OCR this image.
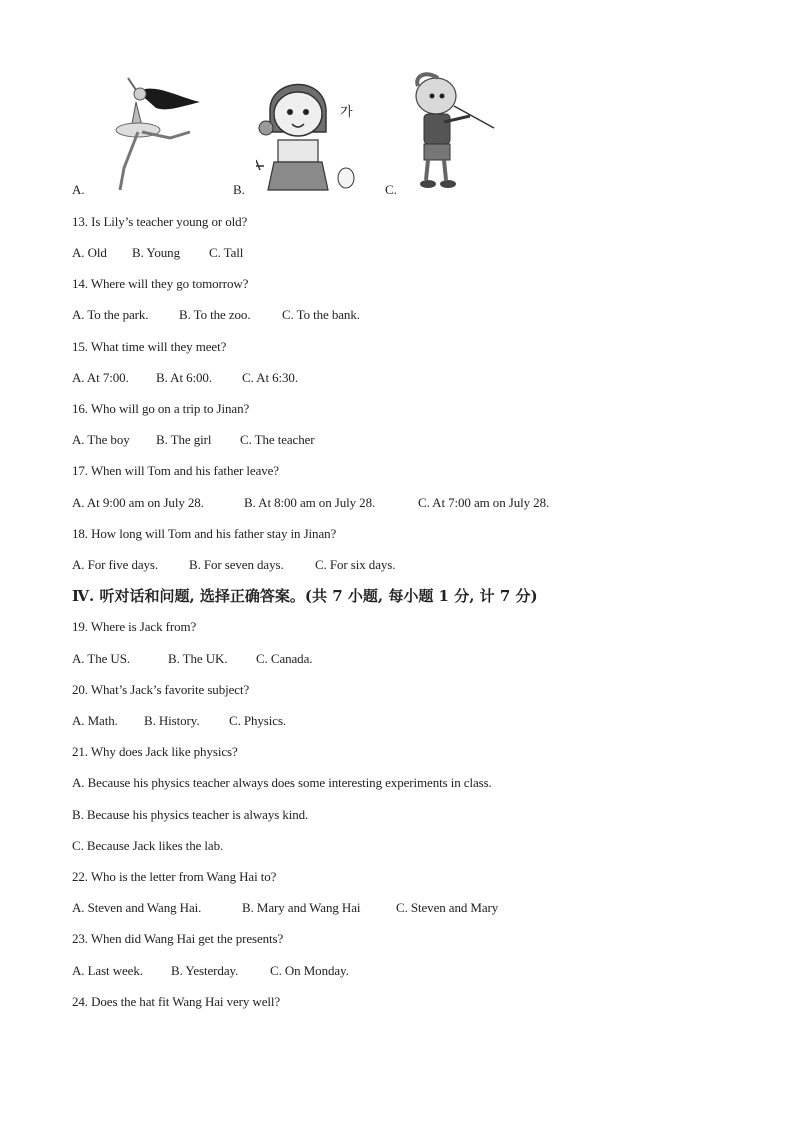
A.	B.
가
C.
13. Is Lily’s teacher young or old?
A. Old B. Young C. Tall
14. Where will they go tomorrow?
A. To the park. B. To the zoo. C. To the bank.
15. What time will they meet?
A. At 7:00. B. At 6:00. C. At 6:30.
16. Who will go on a trip to Jinan?
A. The boy B. The girl C. The teacher
17. When will Tom and his father leave?
A. At 9:00 am on July 28.	B. At 8:00 am on July 28.	C. At 7:00 am on July 28.
18. How long will Tom and his father stay in Jinan?
A. For five days. B. For seven days. C. For six days.
Ⅳ. 听对话和问题, 选择正确答案。(共 7 小题, 每小题 1 分, 计 7 分)
19. Where is Jack from?
A. The US.	B. The UK. C. Canada.
20. What’s Jack’s favorite subject?
A. Math. B. History. C. Physics.
21. Why does Jack like physics?
A. Because his physics teacher always does some interesting experiments in class.
B. Because his physics teacher is always kind.
C. Because Jack likes the lab.
22. Who is the letter from Wang Hai to?
A. Steven and Wang Hai.	B. Mary and Wang Hai	C. Steven and Mary
23. When did Wang Hai get the presents?
A. Last week. B. Yesterday. C. On Monday.
24. Does the hat fit Wang Hai very well?
